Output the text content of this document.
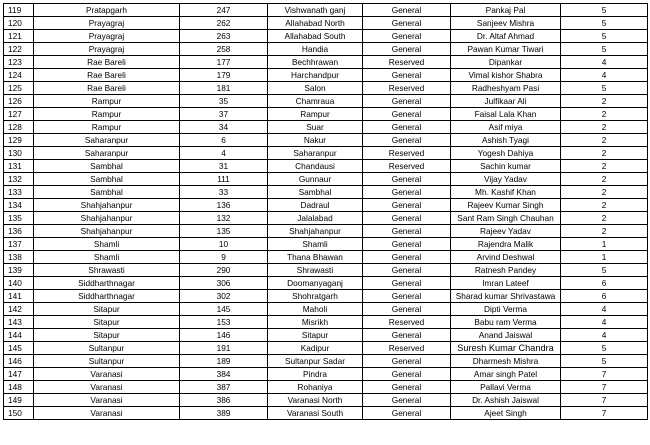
119	Pratapgarh	247	Vishwanath ganj	General	Pankaj Pal	5
120	Prayagraj	262	Allahabad North	General	Sanjeev Mishra	5
121	Prayagraj	263	Allahabad South	General	Dr. Altaf Ahmad	5
122	Prayagraj	258	Handia	General	Pawan Kumar Tiwari	5
123	Rae Bareli	177	Bechhrawan	Reserved	Dipankar	4
124	Rae Bareli	179	Harchandpur	General	Vimal kishor Shabra	4
125	Rae Bareli	181	Salon	Reserved	Radheshyam Pasi	5
126	Rampur	35	Chamraua	General	Julfikaar Ali	2
127	Rampur	37	Rampur	General	Faisal Lala Khan	2
128	Rampur	34	Suar	General	Asif miya	2
129	Saharanpur	6	Nakur	General	Ashish Tyagi	2
130	Saharanpur	4	Saharanpur	Reserved	Yogesh Dahiya	2
131	Sambhal	31	Chandausi	Reserved	Sachin kumar	2
132	Sambhal	111	Gunnaur	General	Vijay Yadav	2
133	Sambhal	33	Sambhal	General	Mh. Kashif Khan	2
134	Shahjahanpur	136	Dadraul	General	Rajeev Kumar Singh	2
135	Shahjahanpur	132	Jalalabad	General	Sant Ram Singh Chauhan	2
136	Shahjahanpur	135	Shahjahanpur	General	Rajeev Yadav	2
137	Shamli	10	Shamli	General	Rajendra Malik	1
138	Shamli	9	Thana Bhawan	General	Arvind Deshwal	1
139	Shrawasti	290	Shrawasti	General	Ratnesh Pandey	5
140	Siddharthnagar	306	Doomanyaganj	General	Imran Lateef	6
141	Siddharthnagar	302	Shohratgarh	General	Sharad kumar Shrivastawa	6
142	Sitapur	145	Maholi	General	Dipti Verma	4
143	Sitapur	153	Misrikh	Reserved	Babu ram Verma	4
144	Sitapur	146	Sitapur	General	Anand Jaiswal	4
145	Sultanpur	191	Kadipur	Reserved	Suresh Kumar Chandra	5
146	Sultanpur	189	Sultanpur Sadar	General	Dharmesh Mishra	5
147	Varanasi	384	Pindra	General	Amar singh Patel	7
148	Varanasi	387	Rohaniya	General	Pallavi Verma	7
149	Varanasi	386	Varanasi North	General	Dr. Ashish Jaiswal	7
150	Varanasi	389	Varanasi South	General	Ajeet Singh	7
